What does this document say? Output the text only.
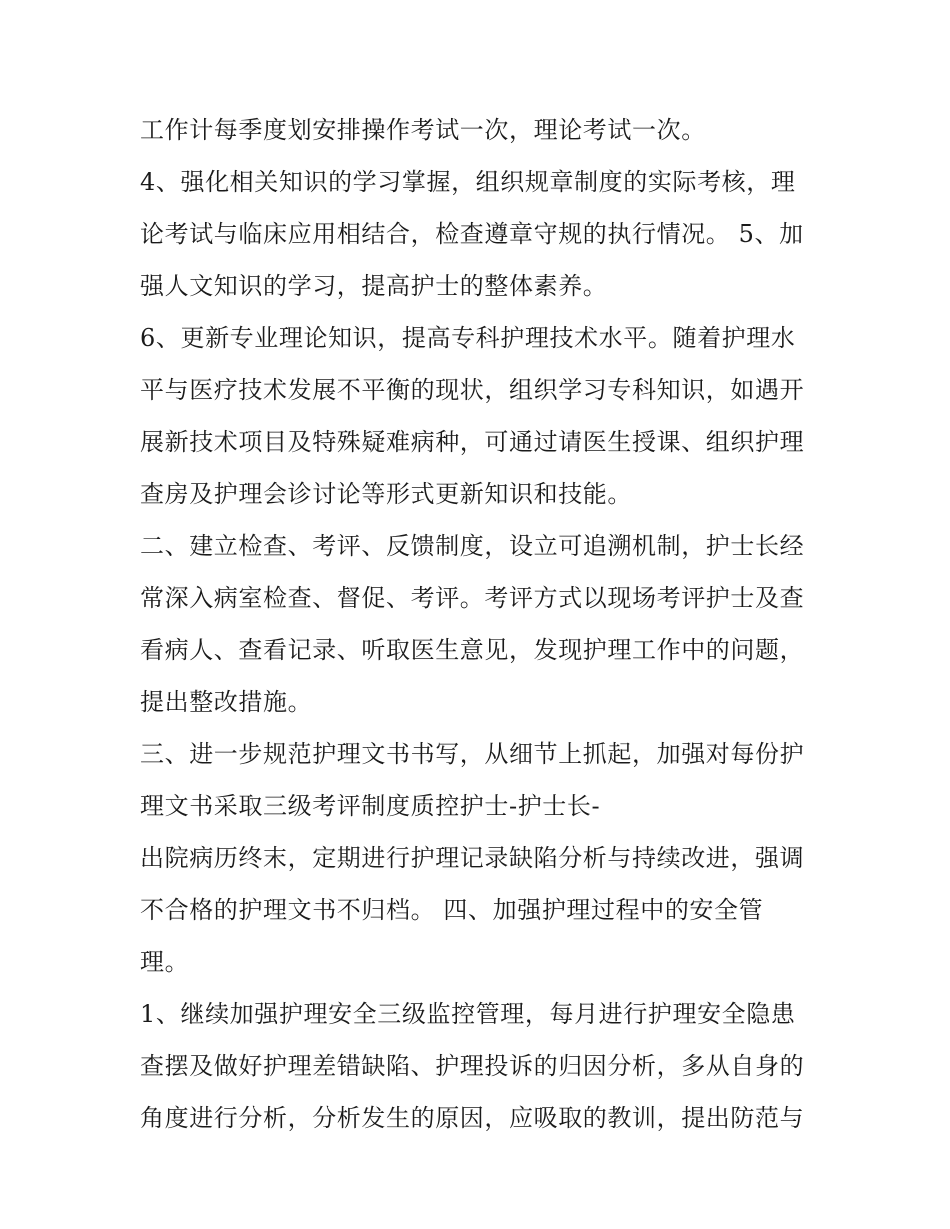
工作计每季度划安排操作考试一次，理论考试一次。
4、强化相关知识的学习掌握，组织规章制度的实际考核，理
论考试与临床应用相结合，检查遵章守规的执行情况。 5、加
强人文知识的学习，提高护士的整体素养。
6、更新专业理论知识，提高专科护理技术水平。随着护理水
平与医疗技术发展不平衡的现状，组织学习专科知识，如遇开
展新技术项目及特殊疑难病种，可通过请医生授课、组织护理
查房及护理会诊讨论等形式更新知识和技能。
二、建立检查、考评、反馈制度，设立可追溯机制，护士长经
常深入病室检查、督促、考评。考评方式以现场考评护士及查
看病人、查看记录、听取医生意见，发现护理工作中的问题，
提出整改措施。
三、进一步规范护理文书书写，从细节上抓起，加强对每份护
理文书采取三级考评制度质控护士-护士长-
出院病历终末，定期进行护理记录缺陷分析与持续改进，强调
不合格的护理文书不归档。 四、加强护理过程中的安全管
理。
1、继续加强护理安全三级监控管理，每月进行护理安全隐患
查摆及做好护理差错缺陷、护理投诉的归因分析，多从自身的
角度进行分析，分析发生的原因，应吸取的教训，提出防范与
